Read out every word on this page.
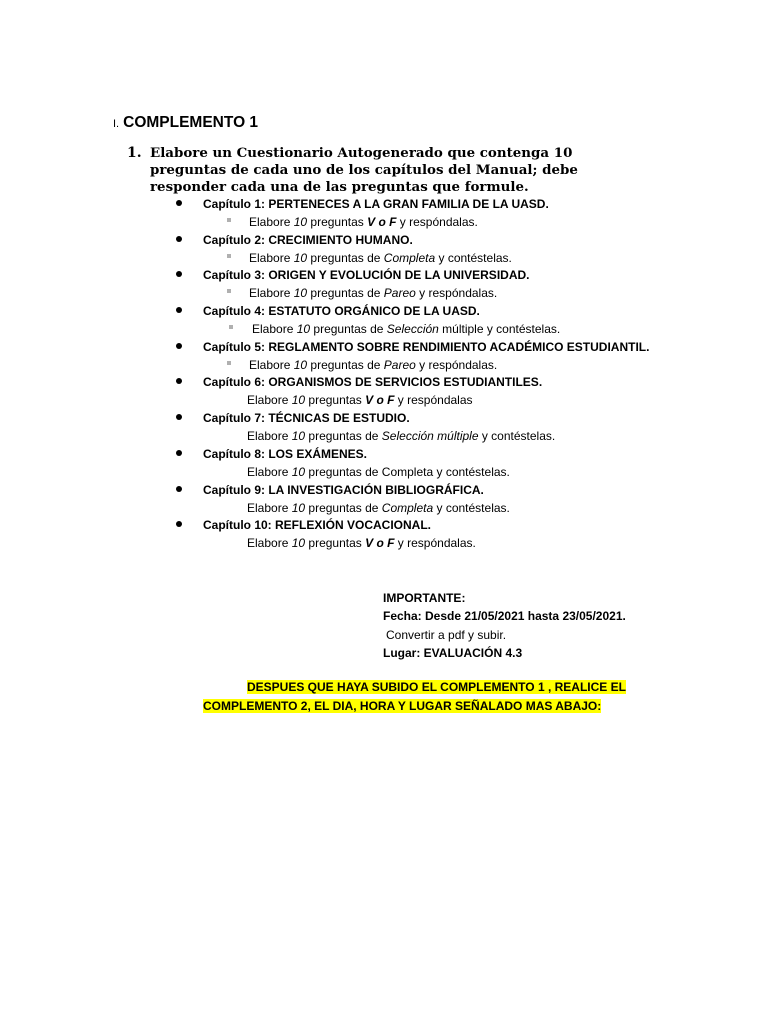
I. COMPLEMENTO 1
1. Elabore un Cuestionario Autogenerado que contenga 10 preguntas de cada uno de los capítulos del Manual; debe responder cada una de las preguntas que formule.
Capítulo 1: PERTENECES A LA GRAN FAMILIA DE LA UASD.
Elabore 10 preguntas V o F y respóndalas.
Capítulo 2: CRECIMIENTO HUMANO.
Elabore 10 preguntas de Completa y contéstelas.
Capítulo 3: ORIGEN Y EVOLUCIÓN DE LA UNIVERSIDAD.
Elabore 10 preguntas de Pareo y respóndalas.
Capítulo 4: ESTATUTO ORGÁNICO DE LA UASD.
Elabore 10 preguntas de Selección múltiple y contéstelas.
Capítulo 5: REGLAMENTO SOBRE RENDIMIENTO ACADÉMICO ESTUDIANTIL.
Elabore 10 preguntas de Pareo y respóndalas.
Capítulo 6: ORGANISMOS DE SERVICIOS ESTUDIANTILES.
Elabore 10 preguntas V o F y respóndalas
Capítulo 7: TÉCNICAS DE ESTUDIO.
Elabore 10 preguntas de Selección múltiple y contéstelas.
Capítulo 8: LOS EXÁMENES.
Elabore 10 preguntas de Completa y contéstelas.
Capítulo 9: LA INVESTIGACIÓN BIBLIOGRÁFICA.
Elabore 10 preguntas de Completa y contéstelas.
Capítulo 10: REFLEXIÓN VOCACIONAL.
Elabore 10 preguntas V o F y respóndalas.
IMPORTANTE:
Fecha: Desde 21/05/2021 hasta 23/05/2021.
Convertir a pdf y subir.
Lugar: EVALUACIÓN 4.3
DESPUES QUE HAYA SUBIDO EL COMPLEMENTO 1 , REALICE EL
COMPLEMENTO 2, EL DIA, HORA Y LUGAR SEÑALADO MAS ABAJO:
